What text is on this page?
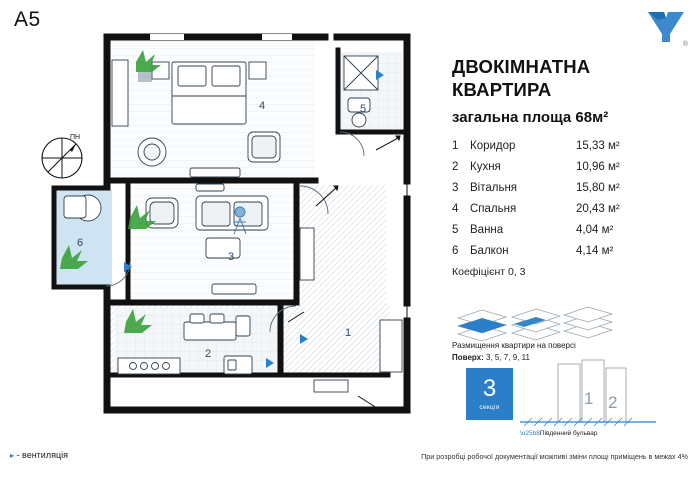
A5
®
ПН
1
2
3
4	5
6
ДВОКІМНАТНА
КВАРТИРА
загальна площа 68м²
1	Коридор	15,33 м²
2	Кухня	10,96 м²
3	Вітальня	15,80 м²
4	Спальня	20,43 м²
5	Ванна	4,04 м²
6	Балкон	4,14 м²
Коефіцієнт 0, 3
Размищення квартири на поверсі
Поверх: 3, 5, 7, 9, 11
3
секцiя	1 2
\u25b8Південний бульвар
▸ - вентиляція	При розробці робочої документації можливі зміни площі приміщень в межах 4%
